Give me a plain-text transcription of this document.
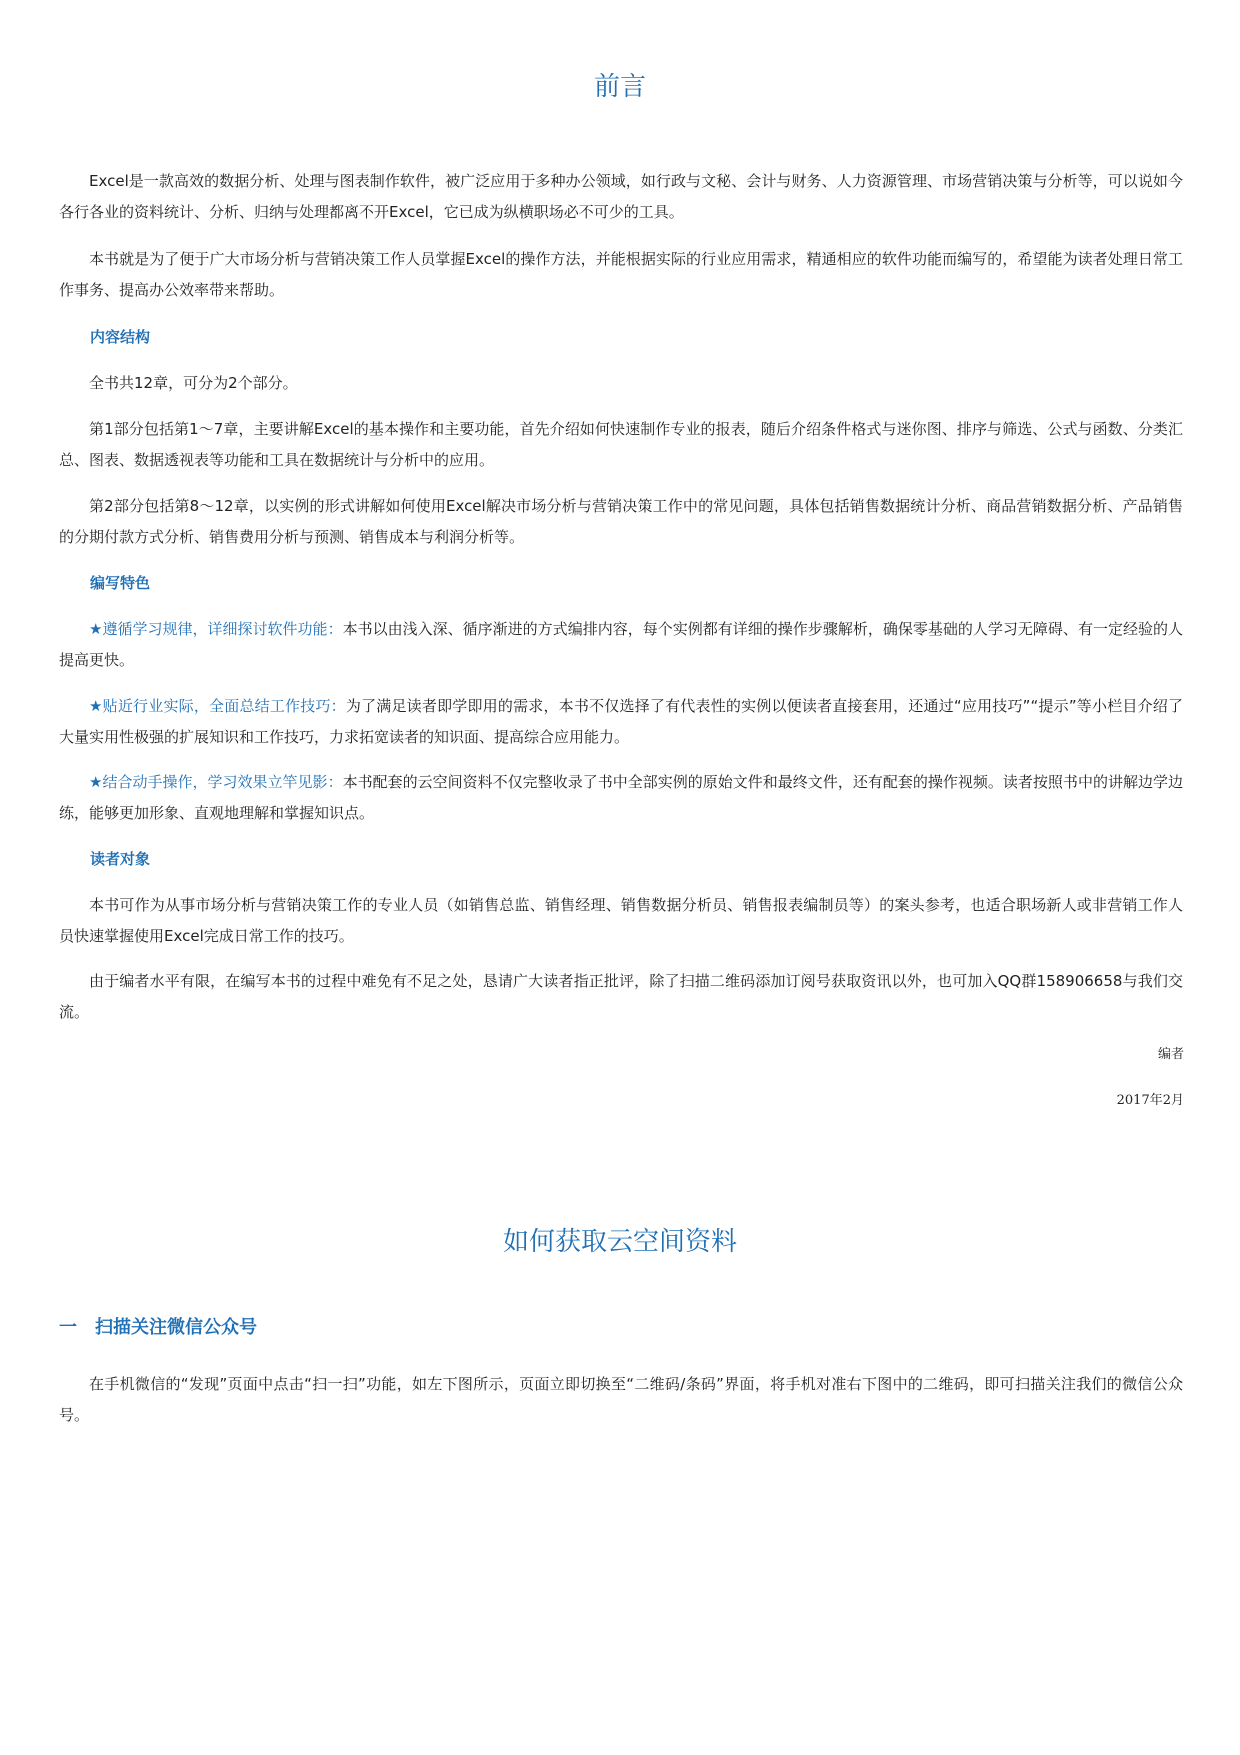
前言

Excel是一款高效的数据分析、处理与图表制作软件，被广泛应用于多种办公领域，如行政与文秘、会计与财务、人力资源管理、市场营销决策与分析等，可以说如今各行各业的资料统计、分析、归纳与处理都离不开Excel，它已成为纵横职场必不可少的工具。

本书就是为了便于广大市场分析与营销决策工作人员掌握Excel的操作方法，并能根据实际的行业应用需求，精通相应的软件功能而编写的，希望能为读者处理日常工作事务、提高办公效率带来帮助。

内容结构

全书共12章，可分为2个部分。

第1部分包括第1～7章，主要讲解Excel的基本操作和主要功能，首先介绍如何快速制作专业的报表，随后介绍条件格式与迷你图、排序与筛选、公式与函数、分类汇总、图表、数据透视表等功能和工具在数据统计与分析中的应用。

第2部分包括第8～12章，以实例的形式讲解如何使用Excel解决市场分析与营销决策工作中的常见问题，具体包括销售数据统计分析、商品营销数据分析、产品销售的分期付款方式分析、销售费用分析与预测、销售成本与利润分析等。

编写特色

★遵循学习规律，详细探讨软件功能：本书以由浅入深、循序渐进的方式编排内容，每个实例都有详细的操作步骤解析，确保零基础的人学习无障碍、有一定经验的人提高更快。

★贴近行业实际，全面总结工作技巧：为了满足读者即学即用的需求，本书不仅选择了有代表性的实例以便读者直接套用，还通过“应用技巧”“提示”等小栏目介绍了大量实用性极强的扩展知识和工作技巧，力求拓宽读者的知识面、提高综合应用能力。

★结合动手操作，学习效果立竿见影：本书配套的云空间资料不仅完整收录了书中全部实例的原始文件和最终文件，还有配套的操作视频。读者按照书中的讲解边学边练，能够更加形象、直观地理解和掌握知识点。

读者对象

本书可作为从事市场分析与营销决策工作的专业人员（如销售总监、销售经理、销售数据分析员、销售报表编制员等）的案头参考，也适合职场新人或非营销工作人员快速掌握使用Excel完成日常工作的技巧。

由于编者水平有限，在编写本书的过程中难免有不足之处，恳请广大读者指正批评，除了扫描二维码添加订阅号获取资讯以外，也可加入QQ群158906658与我们交流。

编者

2017年2月

如何获取云空间资料
一 扫描关注微信公众号

在手机微信的“发现”页面中点击“扫一扫”功能，如左下图所示，页面立即切换至“二维码/条码”界面，将手机对准右下图中的二维码，即可扫描关注我们的微信公众号。
